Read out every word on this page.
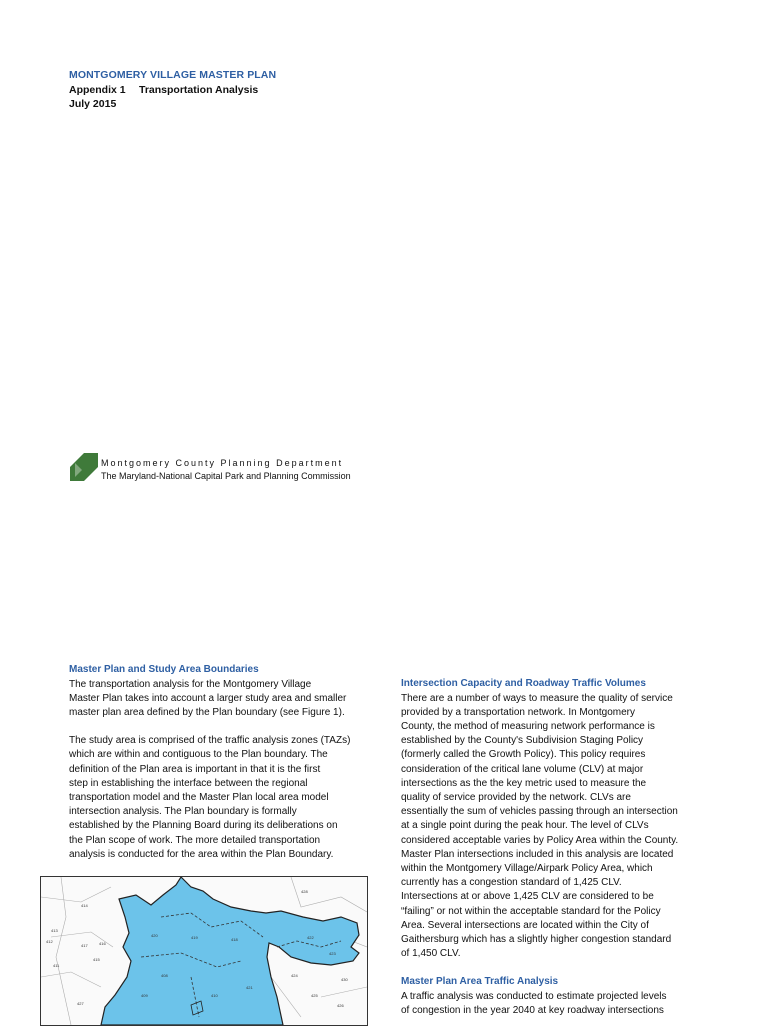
MONTGOMERY VILLAGE MASTER PLAN
Appendix 1 Transportation Analysis
July 2015
Montgomery County Planning Department
The Maryland-National Capital Park and Planning Commission
Master Plan and Study Area Boundaries

The transportation analysis for the Montgomery Village
Master Plan takes into account a larger study area and smaller
master plan area defined by the Plan boundary (see Figure 1).

The study area is comprised of the traffic analysis zones (TAZs)
which are within and contiguous to the Plan boundary. The
definition of the Plan area is important in that it is the first
step in establishing the interface between the regional
transportation model and the Master Plan local area model
intersection analysis. The Plan boundary is formally
established by the Planning Board during its deliberations on
the Plan scope of work. The more detailed transportation
analysis is conducted for the area within the Plan Boundary.

Intersection Capacity and Roadway Traffic Volumes

There are a number of ways to measure the quality of service
provided by a transportation network. In Montgomery
County, the method of measuring network performance is
established by the County's Subdivision Staging Policy
(formerly called the Growth Policy). This policy requires
consideration of the critical lane volume (CLV) at major
intersections as the the key metric used to measure the
quality of service provided by the network. CLVs are
essentially the sum of vehicles passing through an intersection
at a single point during the peak hour. The level of CLVs
considered acceptable varies by Policy Area within the County.
Master Plan intersections included in this analysis are located
within the Montgomery Village/Airpark Policy Area, which
currently has a congestion standard of 1,425 CLV.
Intersections at or above 1,425 CLV are considered to be
“failing” or not within the acceptable standard for the Policy
Area. Several intersections are located within the City of
Gaithersburg which has a slightly higher congestion standard
of 1,450 CLV.

Master Plan Area Traffic Analysis

A traffic analysis was conducted to estimate projected levels
of congestion in the year 2040 at key roadway intersections

414
413
412
411
417	416
415
420	419	418
421
408
409	410
422
423
424
425
426
427
428
430
